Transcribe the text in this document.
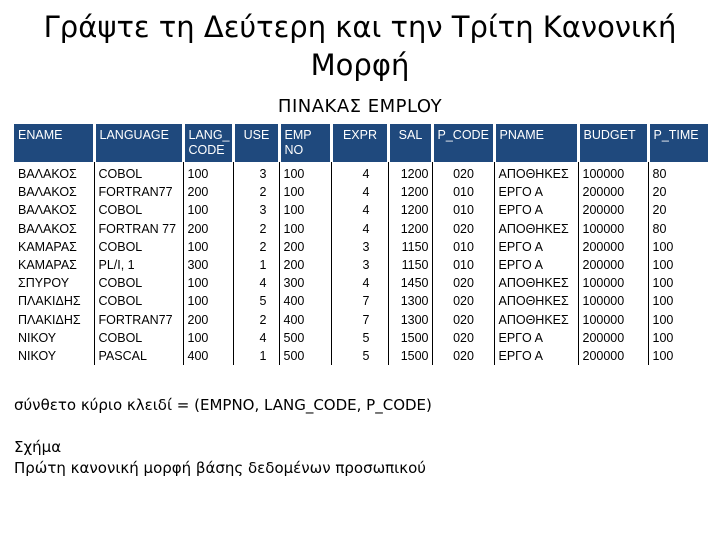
Γράψτε τη Δεύτερη και την Τρίτη Κανονική Μορφή
ΠΙΝΑΚΑΣ EMPLOY
ENAME	LANGUAGE	LANG_ CODE	USE	EMP NO	EXPR	SAL	P_CODE	PNAME	BUDGET	P_TIME
ΒΑΛΑΚΟΣ	COBOL	100	3	100	4	1200	020	ΑΠΟΘΗΚΕΣ	100000	80
ΒΑΛΑΚΟΣ	FORTRAN77	200	2	100	4	1200	010	ΕΡΓΟ Α	200000	20
ΒΑΛΑΚΟΣ	COBOL	100	3	100	4	1200	010	ΕΡΓΟ Α	200000	20
ΒΑΛΑΚΟΣ	FORTRAN 77	200	2	100	4	1200	020	ΑΠΟΘΗΚΕΣ	100000	80
ΚΑΜΑΡΑΣ	COBOL	100	2	200	3	1150	010	ΕΡΓΟ Α	200000	100
ΚΑΜΑΡΑΣ	PL/I, 1	300	1	200	3	1150	010	ΕΡΓΟ Α	200000	100
ΣΠΥΡΟΥ	COBOL	100	4	300	4	1450	020	ΑΠΟΘΗΚΕΣ	100000	100
ΠΛΑΚΙΔΗΣ	COBOL	100	5	400	7	1300	020	ΑΠΟΘΗΚΕΣ	100000	100
ΠΛΑΚΙΔΗΣ	FORTRAN77	200	2	400	7	1300	020	ΑΠΟΘΗΚΕΣ	100000	100
ΝΙΚΟΥ	COBOL	100	4	500	5	1500	020	ΕΡΓΟ Α	200000	100
ΝΙΚΟΥ	PASCAL	400	1	500	5	1500	020	ΕΡΓΟ Α	200000	100
σύνθετο κύριο κλειδί = (EMPNO, LANG_CODE, P_CODE)
Σχήμα
Πρώτη κανονική μορφή βάσης δεδομένων προσωπικού
